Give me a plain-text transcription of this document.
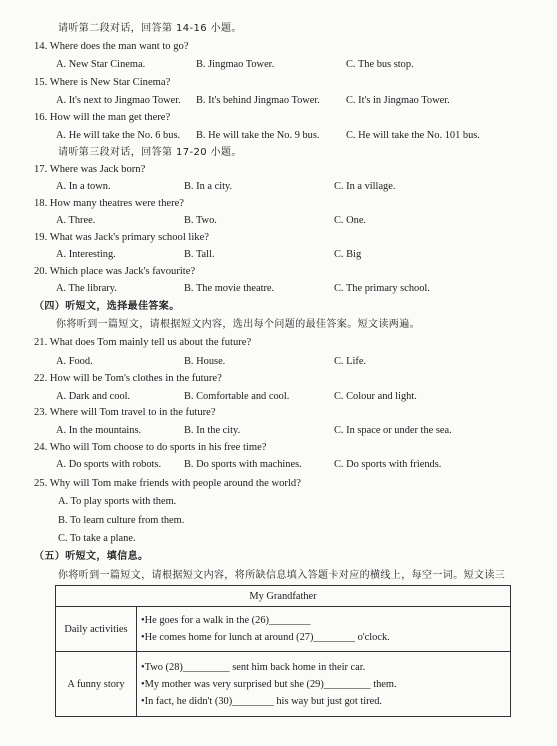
请听第二段对话，回答第 14-16 小题。
14. Where does the man want to go?
A. New Star Cinema.	B. Jingmao Tower.	C. The bus stop.
15. Where is New Star Cinema?
A. It's next to Jingmao Tower. B. It's behind Jingmao Tower.	C. It's in Jingmao Tower.
16. How will the man get there?
A. He will take the No. 6 bus. B. He will take the No. 9 bus.	C. He will take the No. 101 bus.
请听第三段对话，回答第 17-20 小题。
17. Where was Jack born?
A. In a town.	B. In a city.	C. In a village.
18. How many theatres were there?
A. Three.	B. Two.	C. One.
19. What was Jack's primary school like?
A. Interesting.	B. Tall.	C. Big
20. Which place was Jack's favourite?
A. The library.	B. The movie theatre.	C. The primary school.
（四）听短文，选择最佳答案。
你将听到一篇短文，请根据短文内容，选出每个问题的最佳答案。短文读两遍。
21. What does Tom mainly tell us about the future?
A. Food.	B. House.	C. Life.
22. How will be Tom's clothes in the future?
A. Dark and cool.	B. Comfortable and cool.	C. Colour and light.
23. Where will Tom travel to in the future?
A. In the mountains.	B. In the city.	C. In space or under the sea.
24. Who will Tom choose to do sports in his free time?
A. Do sports with robots. B. Do sports with machines.	C. Do sports with friends.
25. Why will Tom make friends with people around the world?
A. To play sports with them.
B. To learn culture from them.
C. To take a plane.
（五）听短文，填信息。
你将听到一篇短文，请根据短文内容，将所缺信息填入答题卡对应的横线上，每空一词。短文读三
My Grandfather	
Daily activities	•He goes for a walk in the (26)________
•He comes home for lunch at around (27)________ o'clock.

A funny story	•Two (28)_________ sent him back home in their car.
•My mother was very surprised but she (29)_________ them.
•In fact, he didn't (30)________ his way but just got tired.
